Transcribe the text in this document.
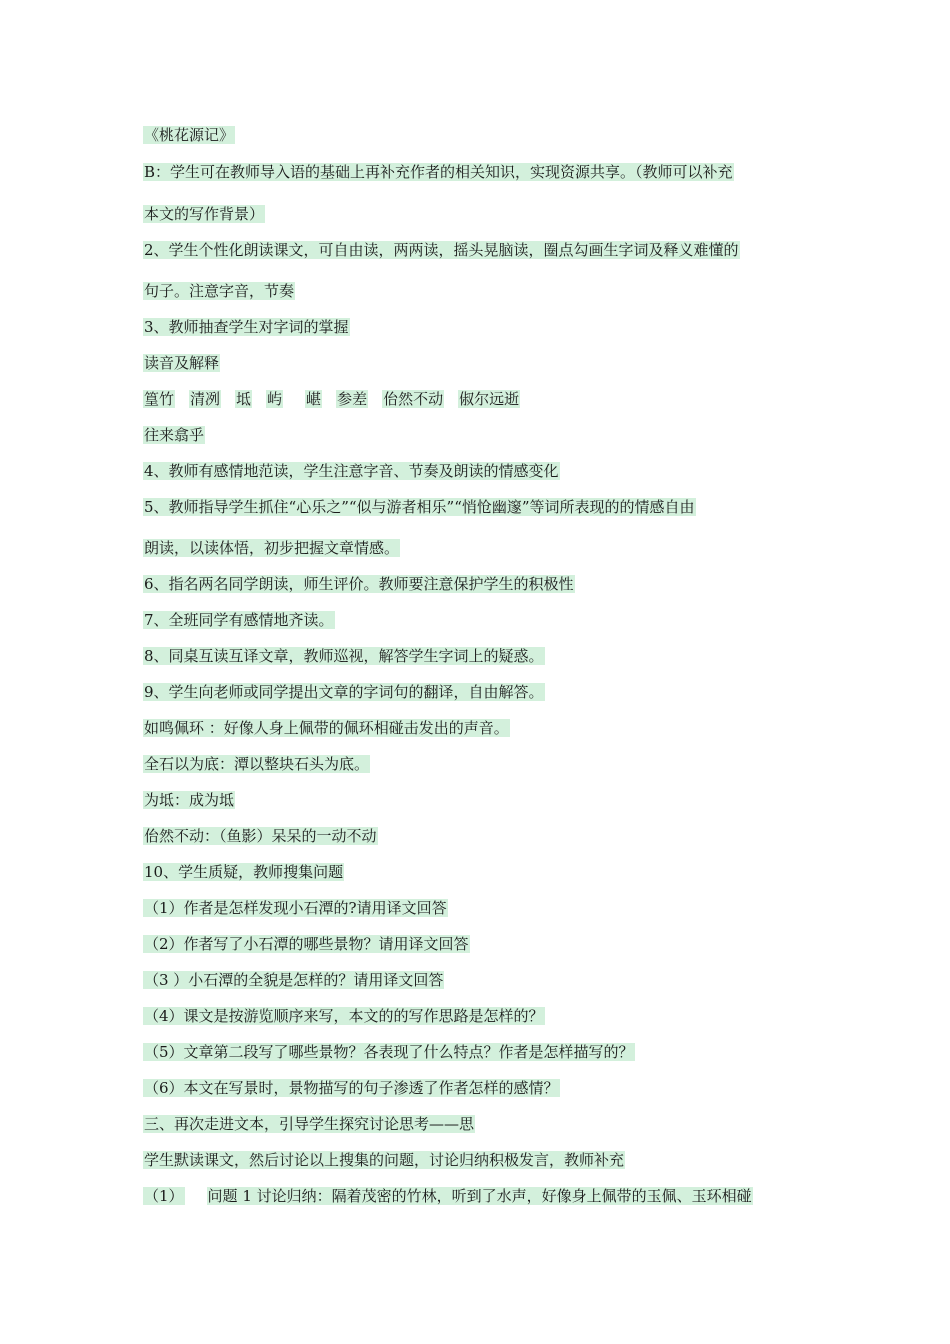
《桃花源记》
B：学生可在教师导入语的基础上再补充作者的相关知识，实现资源共享。（教师可以补充
本文的写作背景）
2、学生个性化朗读课文，可自由读，两两读，摇头晃脑读，圈点勾画生字词及释义难懂的
句子。注意字音，节奏
3、教师抽查学生对字词的掌握
读音及解释
篁竹 清冽 坻 屿 嵁 参差 佁然不动 俶尔远逝
往来翕乎
4、教师有感情地范读，学生注意字音、节奏及朗读的情感变化
5、教师指导学生抓住“心乐之”“似与游者相乐”“悄怆幽邃”等词所表现的的情感自由
朗读，以读体悟，初步把握文章情感。
6、指名两名同学朗读，师生评价。教师要注意保护学生的积极性
7、全班同学有感情地齐读。
8、同桌互读互译文章，教师巡视，解答学生字词上的疑惑。
9、学生向老师或同学提出文章的字词句的翻译，自由解答。
如鸣佩环 ：好像人身上佩带的佩环相碰击发出的声音。
全石以为底：潭以整块石头为底。
为坻：成为坻
佁然不动：（鱼影）呆呆的一动不动
10、学生质疑，教师搜集问题
（1）作者是怎样发现小石潭的?请用译文回答
（2）作者写了小石潭的哪些景物？请用译文回答
（3 ）小石潭的全貌是怎样的？请用译文回答
（4）课文是按游览顺序来写，本文的的写作思路是怎样的？
（5）文章第二段写了哪些景物？各表现了什么特点？作者是怎样描写的？
（6）本文在写景时，景物描写的句子渗透了作者怎样的感情？
三、再次走进文本，引导学生探究讨论思考——思
学生默读课文，然后讨论以上搜集的问题，讨论归纳积极发言，教师补充
（1） 问题 1 讨论归纳：隔着茂密的竹林，听到了水声，好像身上佩带的玉佩、玉环相碰
